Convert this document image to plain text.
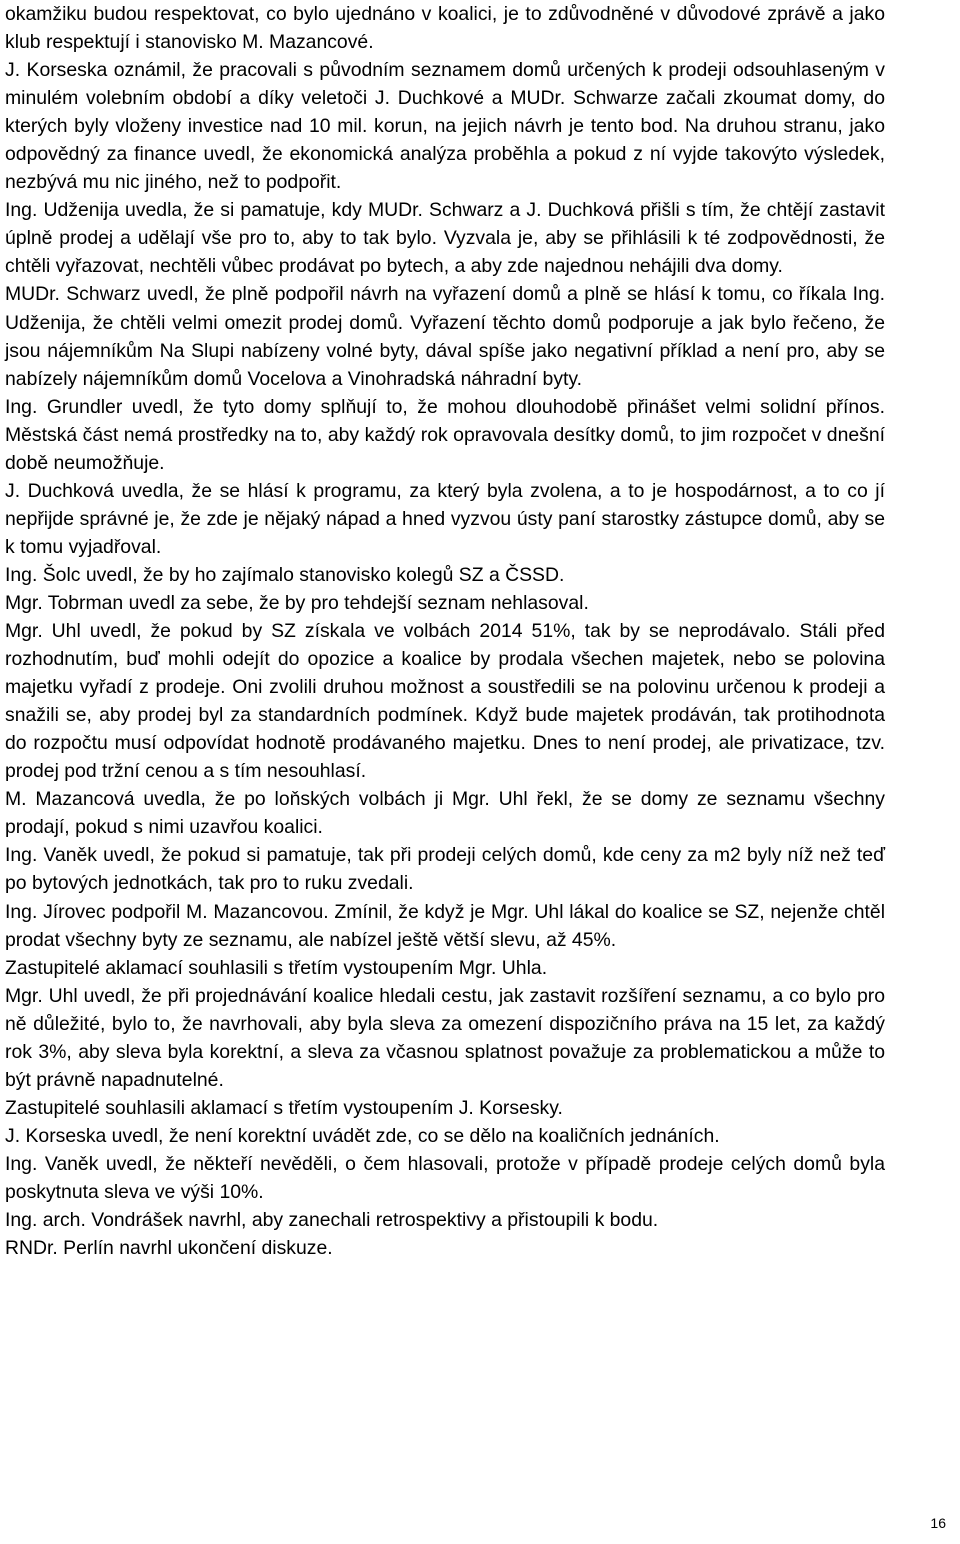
okamžiku budou respektovat, co bylo ujednáno v koalici, je to zdůvodněné v důvodové zprávě a jako klub respektují i stanovisko M. Mazancové.

J. Korseska oznámil, že pracovali s původním seznamem domů určených k prodeji odsouhlaseným v minulém volebním období a díky veletoči J. Duchkové a MUDr. Schwarze začali zkoumat domy, do kterých byly vloženy investice nad 10 mil. korun, na jejich návrh je tento bod. Na druhou stranu, jako odpovědný za finance uvedl, že ekonomická analýza proběhla a pokud z ní vyjde takovýto výsledek, nezbývá mu nic jiného, než to podpořit.

Ing. Udženija uvedla, že si pamatuje, kdy MUDr. Schwarz a J. Duchková přišli s tím, že chtějí zastavit úplně prodej a udělají vše pro to, aby to tak bylo. Vyzvala je, aby se přihlásili k té zodpovědnosti, že chtěli vyřazovat, nechtěli vůbec prodávat po bytech, a aby zde najednou nehájili dva domy.

MUDr. Schwarz uvedl, že plně podpořil návrh na vyřazení domů a plně se hlásí k tomu, co říkala Ing. Udženija, že chtěli velmi omezit prodej domů. Vyřazení těchto domů podporuje a jak bylo řečeno, že jsou nájemníkům Na Slupi nabízeny volné byty, dával spíše jako negativní příklad a není pro, aby se nabízely nájemníkům domů Vocelova a Vinohradská náhradní byty.

Ing. Grundler uvedl, že tyto domy splňují to, že mohou dlouhodobě přinášet velmi solidní přínos. Městská část nemá prostředky na to, aby každý rok opravovala desítky domů, to jim rozpočet v dnešní době neumožňuje.

J. Duchková uvedla, že se hlásí k programu, za který byla zvolena, a to je hospodárnost, a to co jí nepřijde správné je, že zde je nějaký nápad a hned vyzvou ústy paní starostky zástupce domů, aby se k tomu vyjadřoval.

Ing. Šolc uvedl, že by ho zajímalo stanovisko kolegů SZ a ČSSD.

Mgr. Tobrman uvedl za sebe, že by pro tehdejší seznam nehlasoval.

Mgr. Uhl uvedl, že pokud by SZ získala ve volbách 2014 51%, tak by se neprodávalo. Stáli před rozhodnutím, buď mohli odejít do opozice a koalice by prodala všechen majetek, nebo se polovina majetku vyřadí z prodeje. Oni zvolili druhou možnost a soustředili se na polovinu určenou k prodeji a snažili se, aby prodej byl za standardních podmínek. Když bude majetek prodáván, tak protihodnota do rozpočtu musí odpovídat hodnotě prodávaného majetku. Dnes to není prodej, ale privatizace, tzv. prodej pod tržní cenou a s tím nesouhlasí.

M. Mazancová uvedla, že po loňských volbách ji Mgr. Uhl řekl, že se domy ze seznamu všechny prodají, pokud s nimi uzavřou koalici.

Ing. Vaněk uvedl, že pokud si pamatuje, tak při prodeji celých domů, kde ceny za m2 byly níž než teď po bytových jednotkách, tak pro to ruku zvedali.

Ing. Jírovec podpořil M. Mazancovou. Zmínil, že když je Mgr. Uhl lákal do koalice se SZ, nejenže chtěl prodat všechny byty ze seznamu, ale nabízel ještě větší slevu, až 45%.

Zastupitelé aklamací souhlasili s třetím vystoupením Mgr. Uhla.

Mgr. Uhl uvedl, že při projednávání koalice hledali cestu, jak zastavit rozšíření seznamu, a co bylo pro ně důležité, bylo to, že navrhovali, aby byla sleva za omezení dispozičního práva na 15 let, za každý rok 3%, aby sleva byla korektní, a sleva za včasnou splatnost považuje za problematickou a může to být právně napadnutelné.

Zastupitelé souhlasili aklamací s třetím vystoupením J. Korsesky.

J. Korseska uvedl, že není korektní uvádět zde, co se dělo na koaličních jednáních.

Ing. Vaněk uvedl, že někteří nevěděli, o čem hlasovali, protože v případě prodeje celých domů byla poskytnuta sleva ve výši 10%.

Ing. arch. Vondrášek navrhl, aby zanechali retrospektivy a přistoupili k bodu.

RNDr. Perlín navrhl ukončení diskuze.

16
